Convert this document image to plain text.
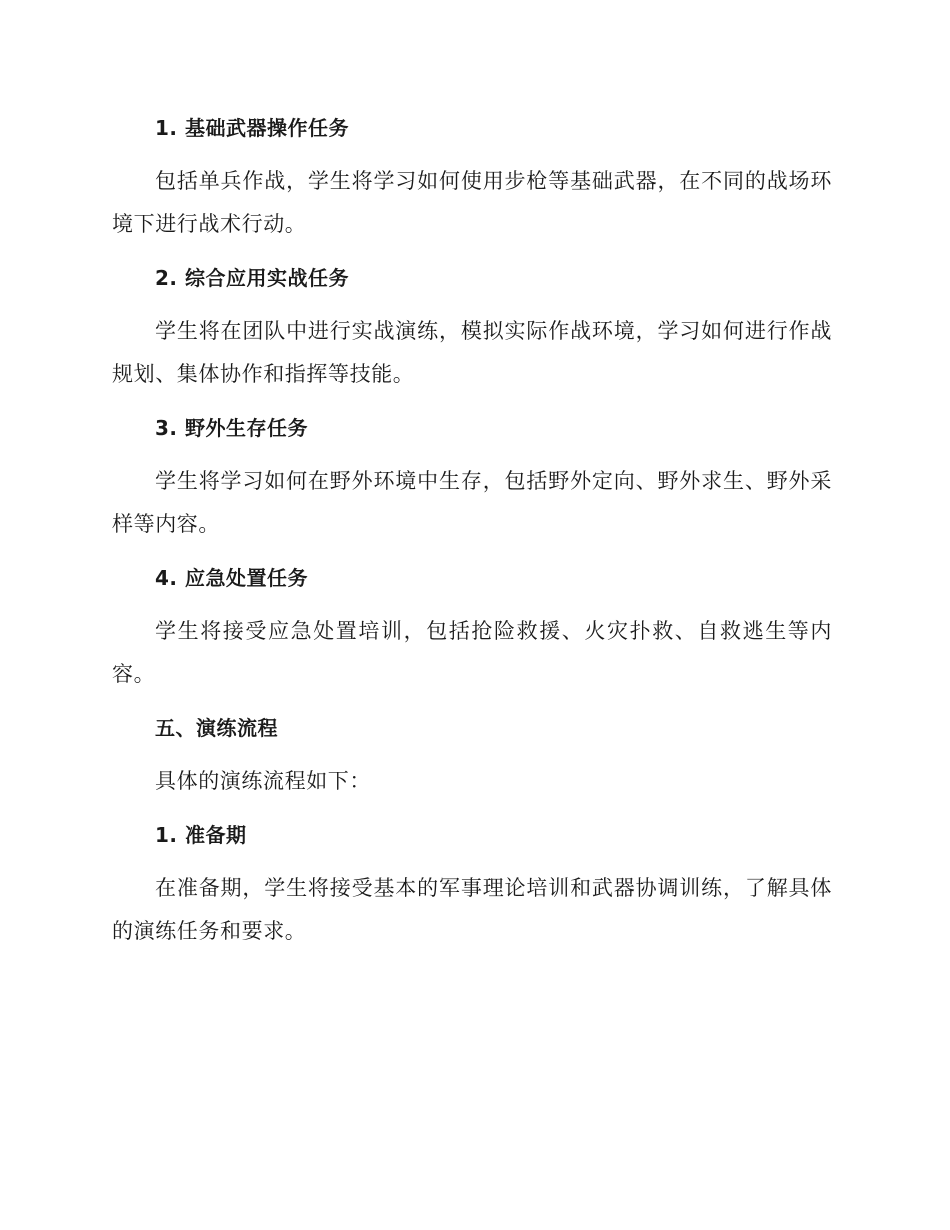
1. 基础武器操作任务
包括单兵作战，学生将学习如何使用步枪等基础武器，在不同的战场环境下进行战术行动。
2. 综合应用实战任务
学生将在团队中进行实战演练，模拟实际作战环境，学习如何进行作战规划、集体协作和指挥等技能。
3. 野外生存任务
学生将学习如何在野外环境中生存，包括野外定向、野外求生、野外采样等内容。
4. 应急处置任务
学生将接受应急处置培训，包括抢险救援、火灾扑救、自救逃生等内容。
五、演练流程
具体的演练流程如下：
1. 准备期
在准备期，学生将接受基本的军事理论培训和武器协调训练，了解具体的演练任务和要求。
